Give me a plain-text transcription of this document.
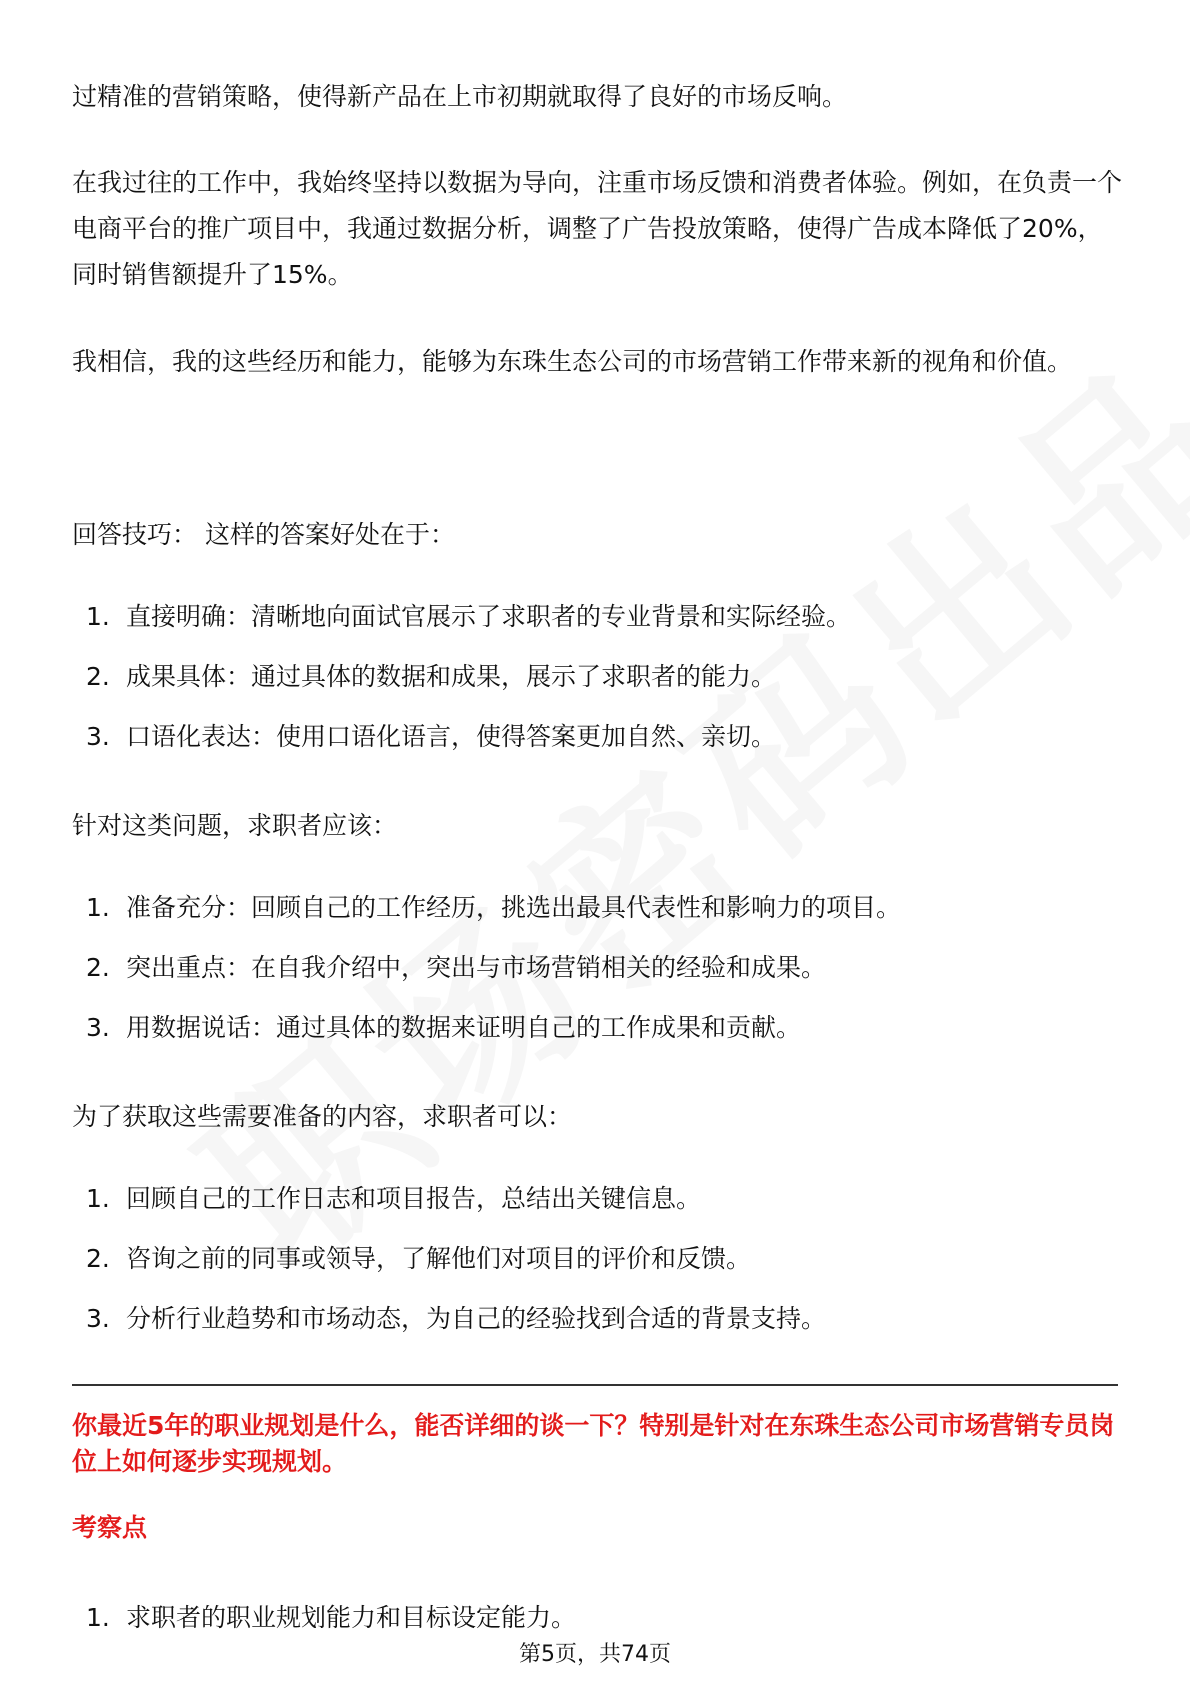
过精准的营销策略，使得新产品在上市初期就取得了良好的市场反响。

在我过往的工作中，我始终坚持以数据为导向，注重市场反馈和消费者体验。例如，在负责一个电商平台的推广项目中，我通过数据分析，调整了广告投放策略，使得广告成本降低了20%，同时销售额提升了15%。

我相信，我的这些经历和能力，能够为东珠生态公司的市场营销工作带来新的视角和价值。

回答技巧： 这样的答案好处在于：

1. 直接明确：清晰地向面试官展示了求职者的专业背景和实际经验。
2. 成果具体：通过具体的数据和成果，展示了求职者的能力。
3. 口语化表达：使用口语化语言，使得答案更加自然、亲切。

针对这类问题，求职者应该：

1. 准备充分：回顾自己的工作经历，挑选出最具代表性和影响力的项目。
2. 突出重点：在自我介绍中，突出与市场营销相关的经验和成果。
3. 用数据说话：通过具体的数据来证明自己的工作成果和贡献。

为了获取这些需要准备的内容，求职者可以：

1. 回顾自己的工作日志和项目报告，总结出关键信息。
2. 咨询之前的同事或领导，了解他们对项目的评价和反馈。
3. 分析行业趋势和市场动态，为自己的经验找到合适的背景支持。

你最近5年的职业规划是什么，能否详细的谈一下？特别是针对在东珠生态公司市场营销专员岗位上如何逐步实现规划。

考察点

1. 求职者的职业规划能力和目标设定能力。
第5页，共74页
